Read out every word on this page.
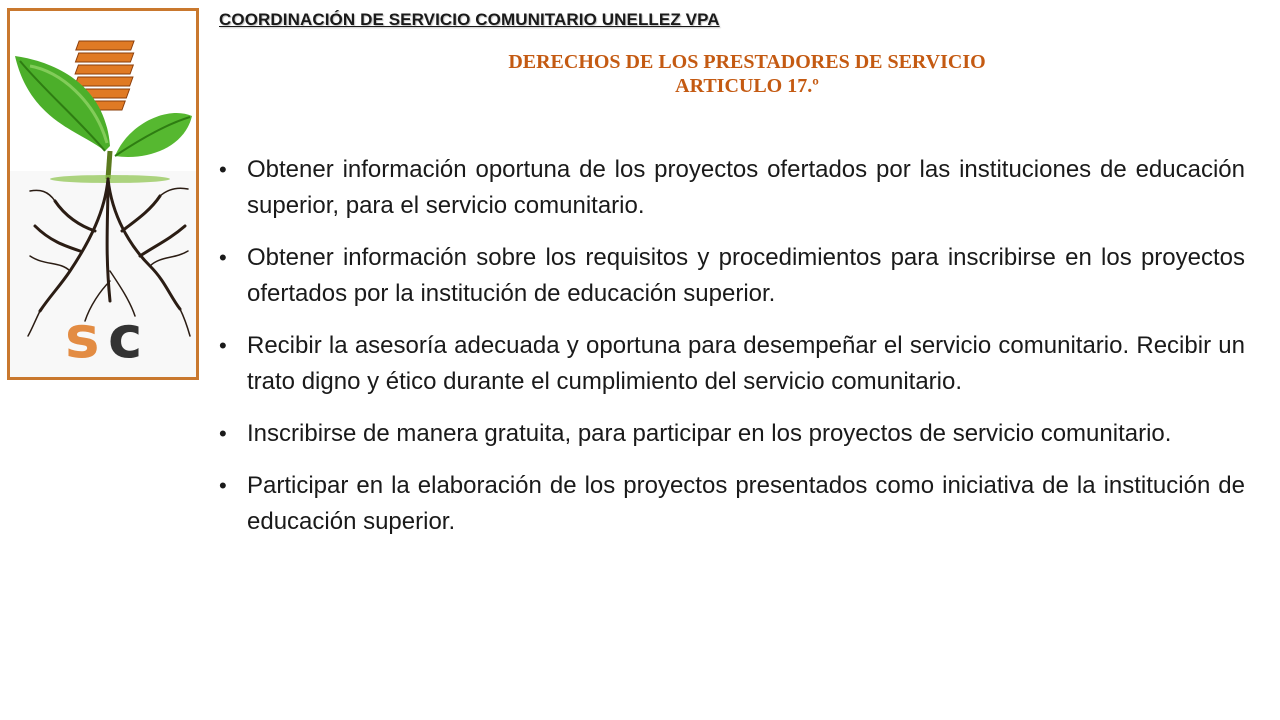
s c
COORDINACIÓN DE SERVICIO COMUNITARIO UNELLEZ VPA
DERECHOS DE LOS PRESTADORES DE SERVICIO
ARTICULO 17.º
• Obtener información oportuna de los proyectos ofertados por las instituciones de educación superior, para el servicio comunitario.
• Obtener información sobre los requisitos y procedimientos para inscribirse en los proyectos ofertados por la institución de educación superior.
• Recibir la asesoría adecuada y oportuna para desempeñar el servicio comunitario. Recibir un trato digno y ético durante el cumplimiento del servicio comunitario.
• Inscribirse de manera gratuita, para participar en los proyectos de servicio comunitario.
• Participar en la elaboración de los proyectos presentados como iniciativa de la institución de educación superior.
